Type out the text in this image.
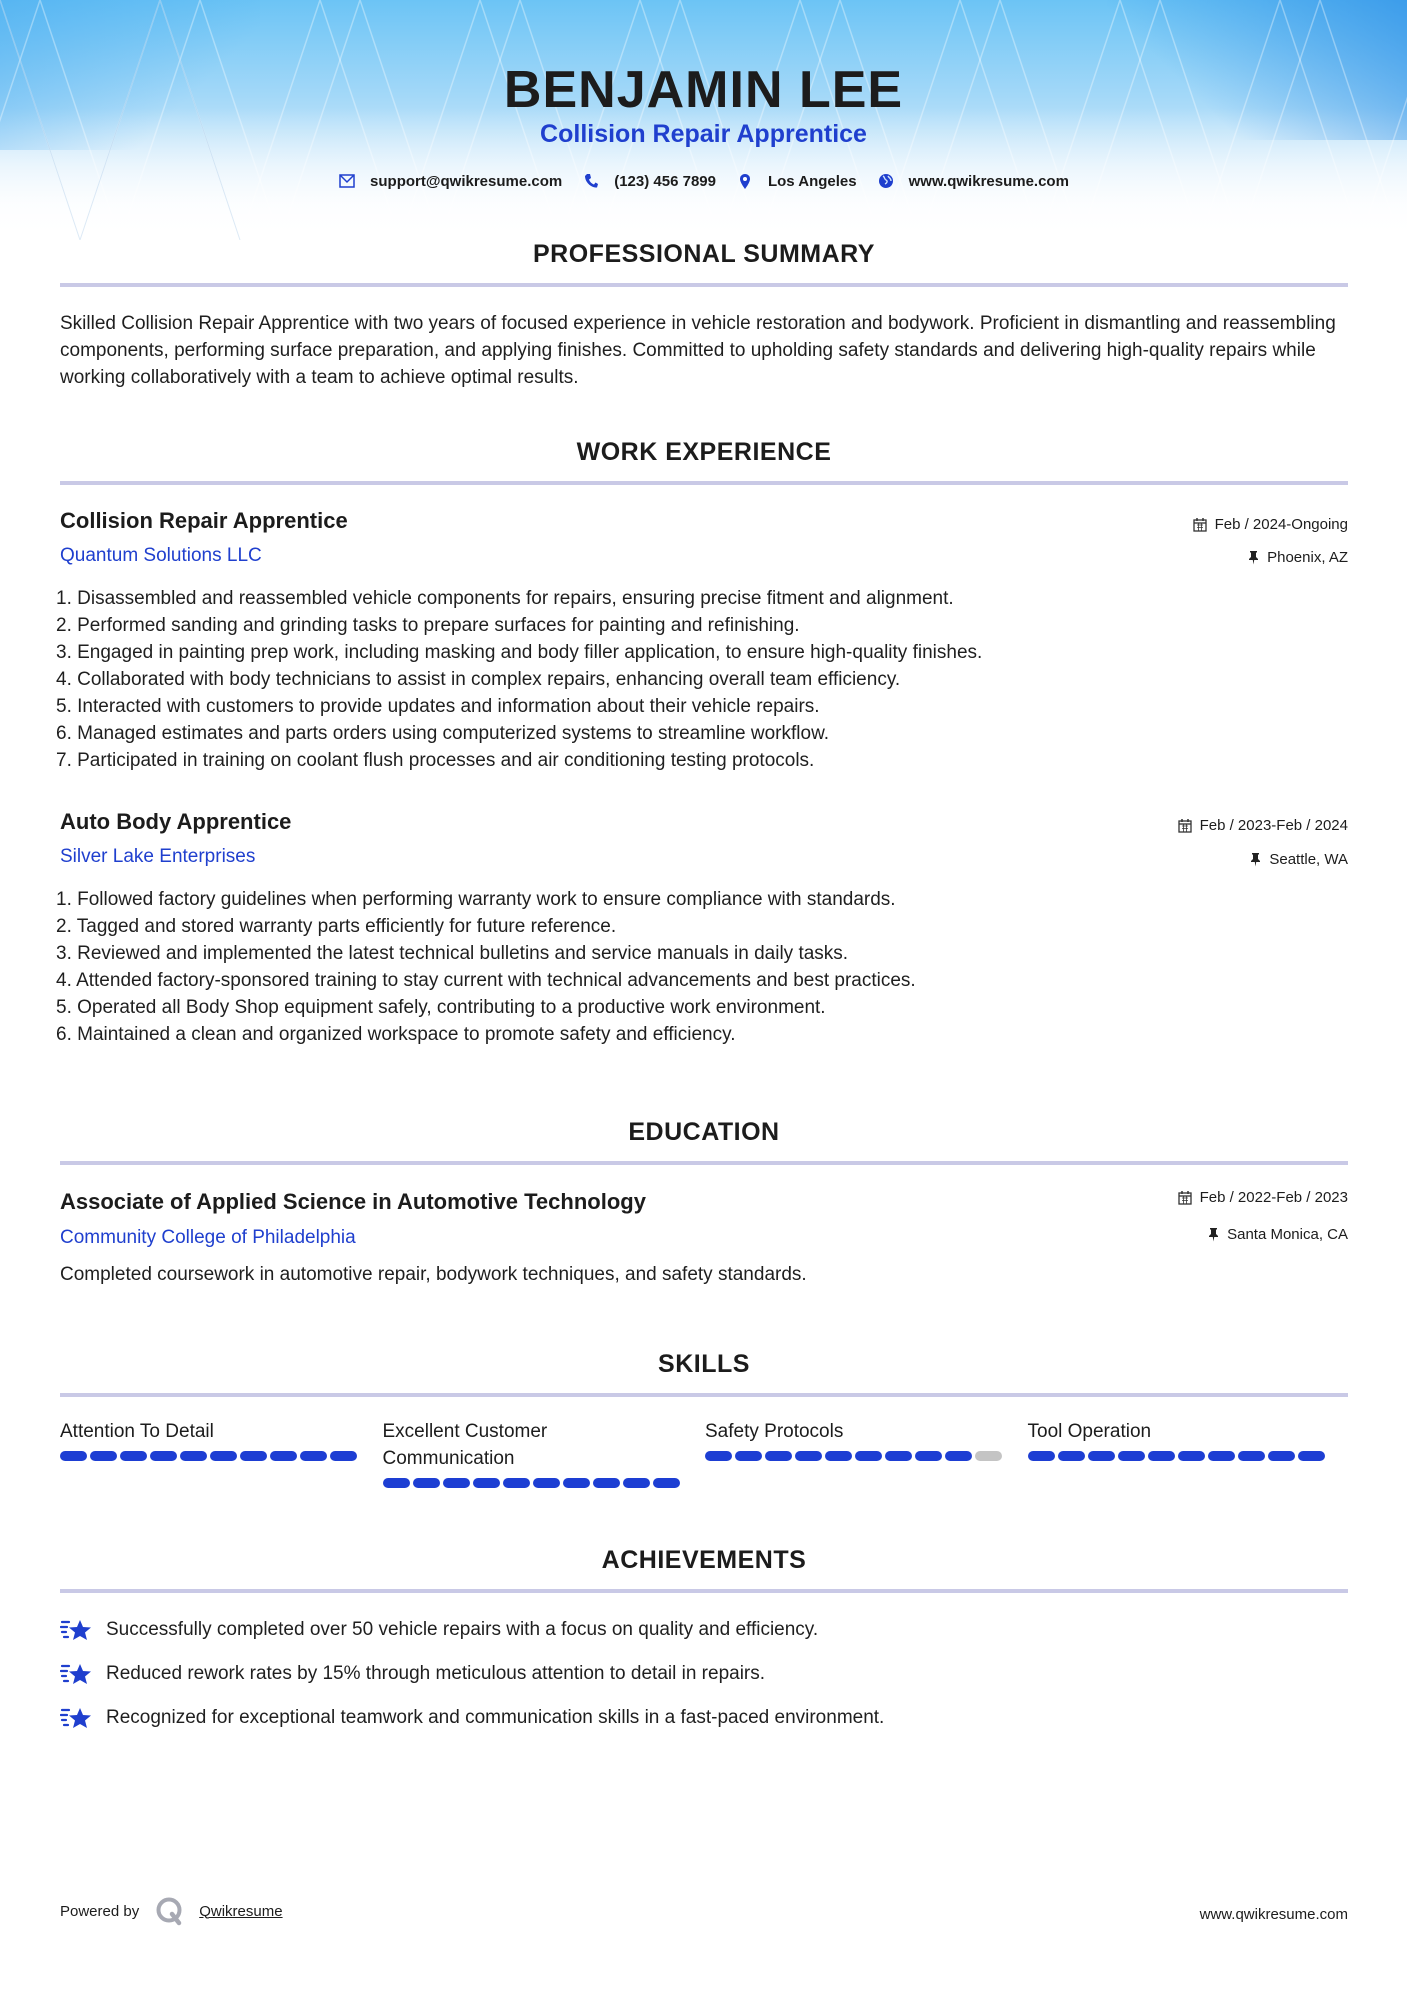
BENJAMIN LEE
Collision Repair Apprentice
support@qwikresume.com	(123) 456 7899	Los Angeles	www.qwikresume.com
PROFESSIONAL SUMMARY
Skilled Collision Repair Apprentice with two years of focused experience in vehicle restoration and bodywork. Proficient in dismantling and reassembling components, performing surface preparation, and applying finishes. Committed to upholding safety standards and delivering high-quality repairs while working collaboratively with a team to achieve optimal results.
WORK EXPERIENCE
Collision Repair Apprentice	Feb / 2024-Ongoing
Quantum Solutions LLC	Phoenix, AZ
1. Disassembled and reassembled vehicle components for repairs, ensuring precise fitment and alignment.
2. Performed sanding and grinding tasks to prepare surfaces for painting and refinishing.
3. Engaged in painting prep work, including masking and body filler application, to ensure high-quality finishes.
4. Collaborated with body technicians to assist in complex repairs, enhancing overall team efficiency.
5. Interacted with customers to provide updates and information about their vehicle repairs.
6. Managed estimates and parts orders using computerized systems to streamline workflow.
7. Participated in training on coolant flush processes and air conditioning testing protocols.
Auto Body Apprentice	Feb / 2023-Feb / 2024
Silver Lake Enterprises	Seattle, WA
1. Followed factory guidelines when performing warranty work to ensure compliance with standards.
2. Tagged and stored warranty parts efficiently for future reference.
3. Reviewed and implemented the latest technical bulletins and service manuals in daily tasks.
4. Attended factory-sponsored training to stay current with technical advancements and best practices.
5. Operated all Body Shop equipment safely, contributing to a productive work environment.
6. Maintained a clean and organized workspace to promote safety and efficiency.
EDUCATION
Associate of Applied Science in Automotive Technology	Feb / 2022-Feb / 2023
Community College of Philadelphia	Santa Monica, CA
Completed coursework in automotive repair, bodywork techniques, and safety standards.
SKILLS
Attention To Detail	Excellent Customer Communication
Safety Protocols	Tool Operation
ACHIEVEMENTS
Successfully completed over 50 vehicle repairs with a focus on quality and efficiency.
Reduced rework rates by 15% through meticulous attention to detail in repairs.
Recognized for exceptional teamwork and communication skills in a fast-paced environment.
Powered by	Qwikresume	www.qwikresume.com
